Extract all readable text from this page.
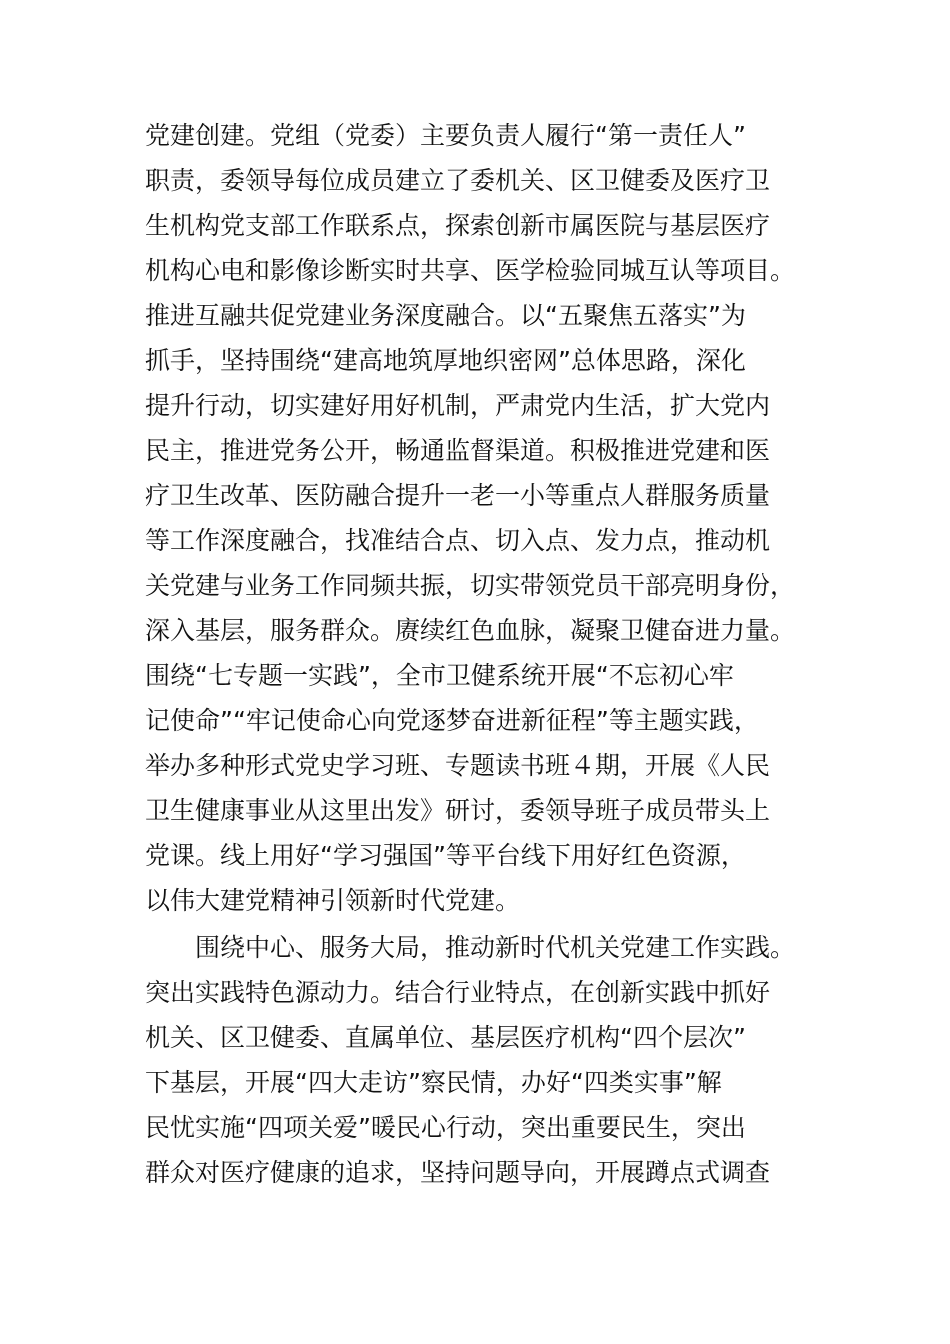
党建创建。党组（党委）主要负责人履行“第一责任人”
职责，委领导每位成员建立了委机关、区卫健委及医疗卫
生机构党支部工作联系点，探索创新市属医院与基层医疗
机构心电和影像诊断实时共享、医学检验同城互认等项目。
推进互融共促党建业务深度融合。以“五聚焦五落实”为
抓手，坚持围绕“建高地筑厚地织密网”总体思路，深化
提升行动，切实建好用好机制，严肃党内生活，扩大党内
民主，推进党务公开，畅通监督渠道。积极推进党建和医
疗卫生改革、医防融合提升一老一小等重点人群服务质量
等工作深度融合，找准结合点、切入点、发力点，推动机
关党建与业务工作同频共振，切实带领党员干部亮明身份，
深入基层，服务群众。赓续红色血脉，凝聚卫健奋进力量。
围绕“七专题一实践”，全市卫健系统开展“不忘初心牢
记使命”“牢记使命心向党逐梦奋进新征程”等主题实践，
举办多种形式党史学习班、专题读书班４期，开展《人民
卫生健康事业从这里出发》研讨，委领导班子成员带头上
党课。线上用好“学习强国”等平台线下用好红色资源，
以伟大建党精神引领新时代党建。
围绕中心、服务大局，推动新时代机关党建工作实践。
突出实践特色源动力。结合行业特点，在创新实践中抓好
机关、区卫健委、直属单位、基层医疗机构“四个层次”
下基层，开展“四大走访”察民情，办好“四类实事”解
民忧实施“四项关爱”暖民心行动，突出重要民生，突出
群众对医疗健康的追求，坚持问题导向，开展蹲点式调查
